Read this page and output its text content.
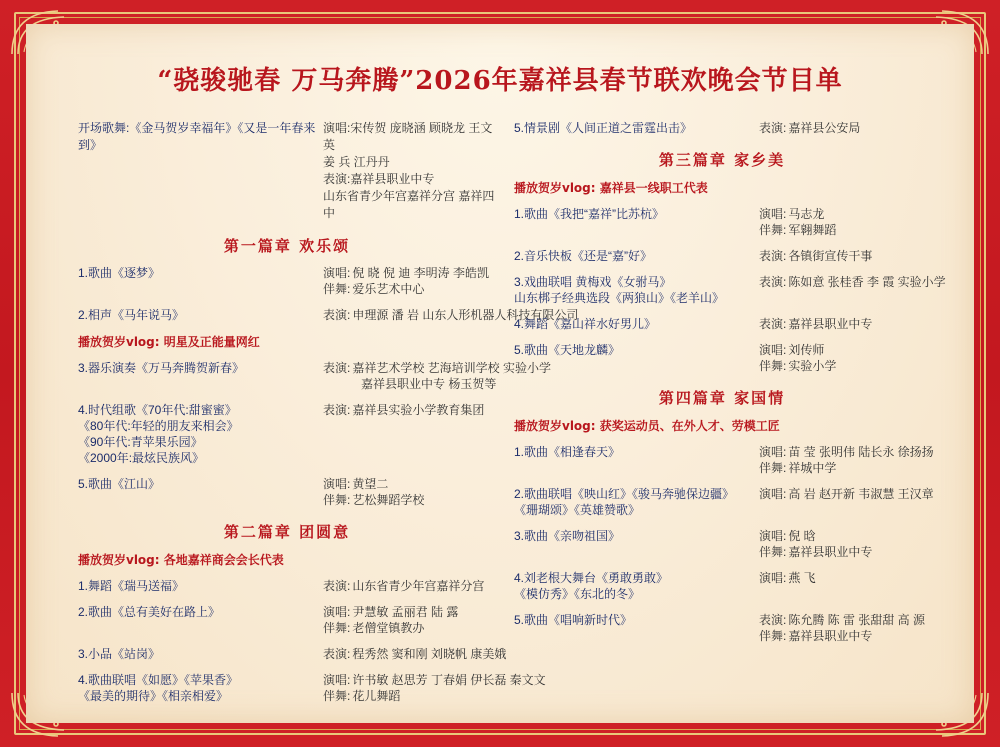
“骁骏驰春 万马奔腾”2026年嘉祥县春节联欢晚会节目单
开场歌舞:《金马贺岁幸福年》《又是一年春来到》
演唱:宋传贺 庞晓涵 顾晓龙 王文英
姜 兵 江丹丹
表演:嘉祥县职业中专
山东省青少年宫嘉祥分宫 嘉祥四中
第一篇章 欢乐颂
1.歌曲《逐梦》	演唱: 倪 晓 倪 迪 李明涛 李皓凯
伴舞: 爱乐艺术中心
2.相声《马年说马》	表演: 申理源 潘 岩 山东人形机器人科技有限公司
播放贺岁vlog: 明星及正能量网红
3.器乐演奏《万马奔腾贺新春》	表演: 嘉祥艺术学校 艺海培训学校 实验小学
嘉祥县职业中专 杨玉贺等
4.时代组歌《70年代:甜蜜蜜》
《80年代:年轻的朋友来相会》
《90年代:青苹果乐园》
《2000年:最炫民族风》
表演: 嘉祥县实验小学教育集团
5.歌曲《江山》	演唱: 黄望二
伴舞: 艺松舞蹈学校
第二篇章 团圆意
播放贺岁vlog: 各地嘉祥商会会长代表
1.舞蹈《瑞马送福》	表演: 山东省青少年宫嘉祥分宫
2.歌曲《总有美好在路上》	演唱: 尹慧敏 孟丽君 陆 露
伴舞: 老僧堂镇教办
3.小品《站岗》	表演: 程秀然 窦和刚 刘晓帆 康美娥
4.歌曲联唱《如愿》《苹果香》
《最美的期待》《相亲相爱》
演唱: 许书敏 赵思芳 丁春娟 伊长磊 秦文文
伴舞: 花儿舞蹈
5.情景剧《人间正道之雷霆出击》	表演: 嘉祥县公安局
第三篇章 家乡美
播放贺岁vlog: 嘉祥县一线职工代表
1.歌曲《我把“嘉祥”比苏杭》	演唱: 马志龙
伴舞: 军翱舞蹈
2.音乐快板《还是“嘉”好》	表演: 各镇街宣传干事
3.戏曲联唱 黄梅戏《女驸马》
山东梆子经典选段《两狼山》《老羊山》
表演: 陈如意 张桂香 李 霞 实验小学
4.舞蹈《嘉山祥水好男儿》	表演: 嘉祥县职业中专
5.歌曲《天地龙麟》	演唱: 刘传师
伴舞: 实验小学
第四篇章 家国情
播放贺岁vlog: 获奖运动员、在外人才、劳模工匠
1.歌曲《相逢春天》	演唱: 苗 莹 张明伟 陆长永 徐扬扬
伴舞: 祥城中学
2.歌曲联唱《映山红》《骏马奔驰保边疆》
《珊瑚颂》《英雄赞歌》
演唱: 高 岩 赵开新 韦淑慧 王汉章
3.歌曲《亲吻祖国》	演唱: 倪 晗
伴舞: 嘉祥县职业中专
4.刘老根大舞台《勇敢勇敢》
《模仿秀》《东北的冬》
演唱: 燕 飞
5.歌曲《唱响新时代》	表演: 陈允腾 陈 雷 张甜甜 高 源
伴舞: 嘉祥县职业中专
